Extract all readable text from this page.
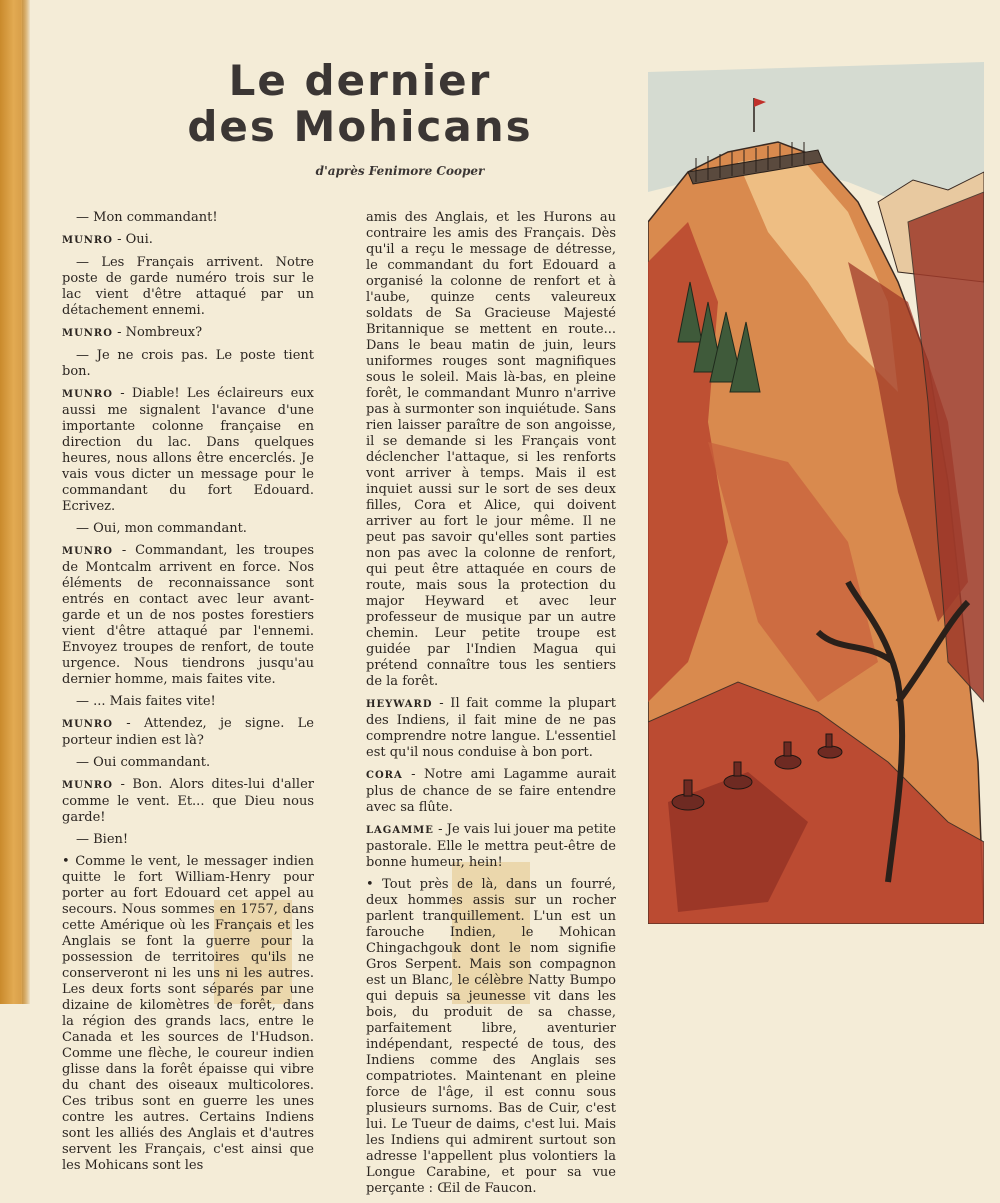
Le dernier
des Mohicans
d'après Fenimore Cooper

— Mon commandant!

MUNRO - Oui.

— Les Français arrivent. Notre poste de garde numéro trois sur le lac vient d'être attaqué par un détachement ennemi.

MUNRO - Nombreux?

— Je ne crois pas. Le poste tient bon.

MUNRO - Diable! Les éclaireurs eux aussi me signalent l'avance d'une importante colonne française en direction du lac. Dans quelques heures, nous allons être encerclés. Je vais vous dicter un message pour le commandant du fort Edouard. Ecrivez.

— Oui, mon commandant.

MUNRO - Commandant, les troupes de Montcalm arrivent en force. Nos éléments de reconnaissance sont entrés en contact avec leur avant-garde et un de nos postes forestiers vient d'être attaqué par l'ennemi. Envoyez troupes de renfort, de toute urgence. Nous tiendrons jusqu'au dernier homme, mais faites vite.

— ... Mais faites vite!

MUNRO - Attendez, je signe. Le porteur indien est là?

— Oui commandant.

MUNRO - Bon. Alors dites-lui d'aller comme le vent. Et... que Dieu nous garde!

— Bien!

• Comme le vent, le messager indien quitte le fort William-Henry pour porter au fort Edouard cet appel au secours. Nous sommes en 1757, dans cette Amérique où les Français et les Anglais se font la guerre pour la possession de territoires qu'ils ne conserveront ni les uns ni les autres. Les deux forts sont séparés par une dizaine de kilomètres de forêt, dans la région des grands lacs, entre le Canada et les sources de l'Hudson. Comme une flèche, le coureur indien glisse dans la forêt épaisse qui vibre du chant des oiseaux multicolores. Ces tribus sont en guerre les unes contre les autres. Certains Indiens sont les alliés des Anglais et d'autres servent les Français, c'est ainsi que les Mohicans sont les

amis des Anglais, et les Hurons au contraire les amis des Français. Dès qu'il a reçu le message de détresse, le commandant du fort Edouard a organisé la colonne de renfort et à l'aube, quinze cents valeureux soldats de Sa Gracieuse Majesté Britannique se mettent en route... Dans le beau matin de juin, leurs uniformes rouges sont magnifiques sous le soleil. Mais là-bas, en pleine forêt, le commandant Munro n'arrive pas à surmonter son inquiétude. Sans rien laisser paraître de son angoisse, il se demande si les Français vont déclencher l'attaque, si les renforts vont arriver à temps. Mais il est inquiet aussi sur le sort de ses deux filles, Cora et Alice, qui doivent arriver au fort le jour même. Il ne peut pas savoir qu'elles sont parties non pas avec la colonne de renfort, qui peut être attaquée en cours de route, mais sous la protection du major Heyward et avec leur professeur de musique par un autre chemin. Leur petite troupe est guidée par l'Indien Magua qui prétend connaître tous les sentiers de la forêt.

HEYWARD - Il fait comme la plupart des Indiens, il fait mine de ne pas comprendre notre langue. L'essentiel est qu'il nous conduise à bon port.

CORA - Notre ami Lagamme aurait plus de chance de se faire entendre avec sa flûte.

LAGAMME - Je vais lui jouer ma petite pastorale. Elle le mettra peut-être de bonne humeur, hein!

• Tout près de là, dans un fourré, deux hommes assis sur un rocher parlent tranquillement. L'un est un farouche Indien, le Mohican Chingachgouk dont le nom signifie Gros Serpent. Mais son compagnon est un Blanc, le célèbre Natty Bumpo qui depuis sa jeunesse vit dans les bois, du produit de sa chasse, parfaitement libre, aventurier indépendant, respecté de tous, des Indiens comme des Anglais ses compatriotes. Maintenant en pleine force de l'âge, il est connu sous plusieurs surnoms. Bas de Cuir, c'est lui. Le Tueur de daims, c'est lui. Mais les Indiens qui admirent surtout son adresse l'appellent plus volontiers la Longue Carabine, et pour sa vue perçante : Œil de Faucon.
